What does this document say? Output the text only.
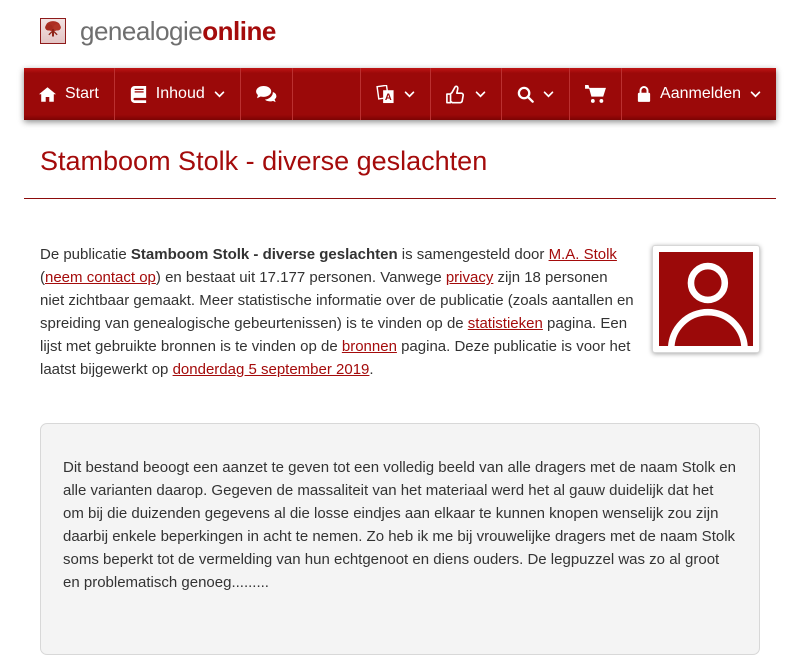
genealogieonline
Start	Inhoud	A	Aanmelden
Stamboom Stolk - diverse geslachten

De publicatie Stamboom Stolk - diverse geslachten is samengesteld door M.A. Stolk (neem contact op) en bestaat uit 17.177 personen. Vanwege privacy zijn 18 personen niet zichtbaar gemaakt. Meer statistische informatie over de publicatie (zoals aantallen en spreiding van genealogische gebeurtenissen) is te vinden op de statistieken pagina. Een lijst met gebruikte bronnen is te vinden op de bronnen pagina. Deze publicatie is voor het laatst bijgewerkt op donderdag 5 september 2019.

Dit bestand beoogt een aanzet te geven tot een volledig beeld van alle dragers met de naam Stolk en alle varianten daarop. Gegeven de massaliteit van het materiaal werd het al gauw duidelijk dat het om bij die duizenden gegevens al die losse eindjes aan elkaar te kunnen knopen wenselijk zou zijn daarbij enkele beperkingen in acht te nemen. Zo heb ik me bij vrouwelijke dragers met de naam Stolk soms beperkt tot de vermelding van hun echtgenoot en diens ouders. De legpuzzel was zo al groot en problematisch genoeg.........
